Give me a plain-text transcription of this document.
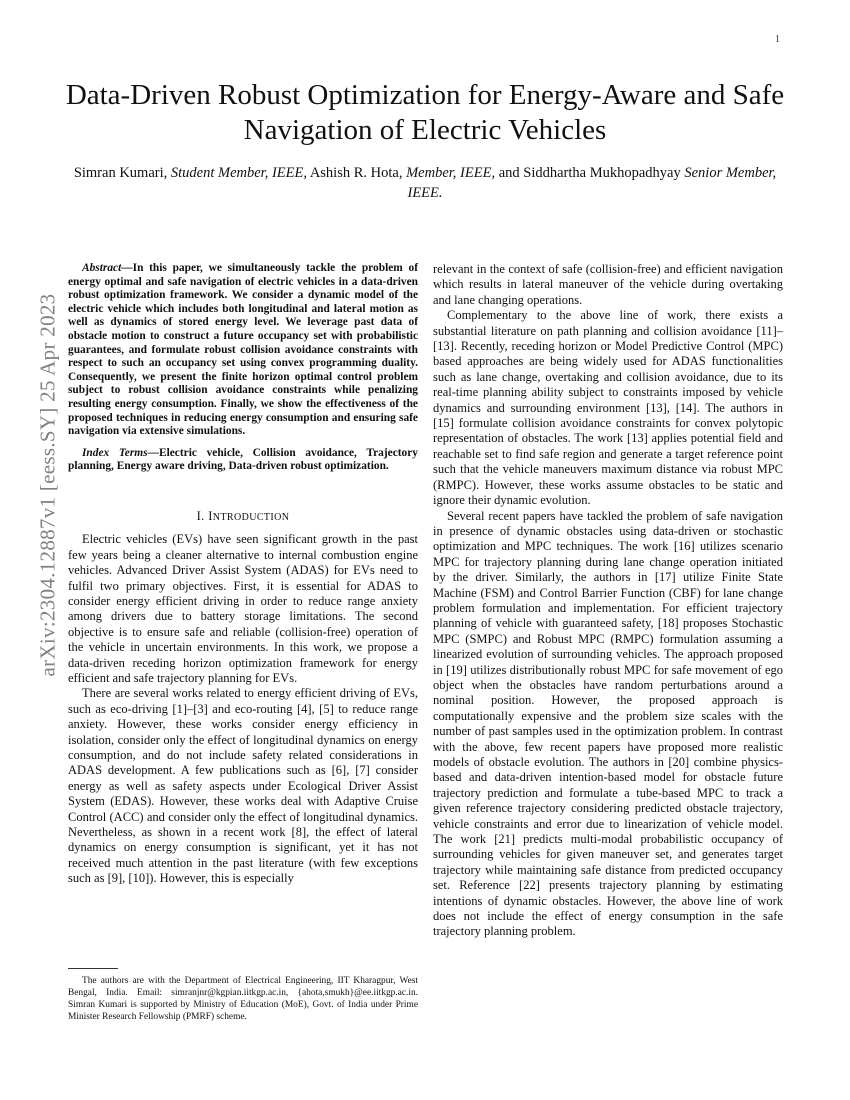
1
arXiv:2304.12887v1 [eess.SY] 25 Apr 2023
Data-Driven Robust Optimization for Energy-Aware and Safe Navigation of Electric Vehicles
Simran Kumari, Student Member, IEEE, Ashish R. Hota, Member, IEEE, and Siddhartha Mukhopadhyay Senior Member, IEEE.

Abstract—In this paper, we simultaneously tackle the problem of energy optimal and safe navigation of electric vehicles in a data-driven robust optimization framework. We consider a dynamic model of the electric vehicle which includes both longitudinal and lateral motion as well as dynamics of stored energy level. We leverage past data of obstacle motion to construct a future occupancy set with probabilistic guarantees, and formulate robust collision avoidance constraints with respect to such an occupancy set using convex programming duality. Consequently, we present the finite horizon optimal control problem subject to robust collision avoidance constraints while penalizing resulting energy consumption. Finally, we show the effectiveness of the proposed techniques in reducing energy consumption and ensuring safe navigation via extensive simulations.

Index Terms—Electric vehicle, Collision avoidance, Trajectory planning, Energy aware driving, Data-driven robust optimization.

I. INTRODUCTION

Electric vehicles (EVs) have seen significant growth in the past few years being a cleaner alternative to internal combustion engine vehicles. Advanced Driver Assist System (ADAS) for EVs need to fulfil two primary objectives. First, it is essential for ADAS to consider energy efficient driving in order to reduce range anxiety among drivers due to battery storage limitations. The second objective is to ensure safe and reliable (collision-free) operation of the vehicle in uncertain environments. In this work, we propose a data-driven receding horizon optimization framework for energy efficient and safe trajectory planning for EVs.

There are several works related to energy efficient driving of EVs, such as eco-driving [1]–[3] and eco-routing [4], [5] to reduce range anxiety. However, these works consider energy efficiency in isolation, consider only the effect of longitudinal dynamics on energy consumption, and do not include safety related considerations in ADAS development. A few publications such as [6], [7] consider energy as well as safety aspects under Ecological Driver Assist System (EDAS). However, these works deal with Adaptive Cruise Control (ACC) and consider only the effect of longitudinal dynamics. Nevertheless, as shown in a recent work [8], the effect of lateral dynamics on energy consumption is significant, yet it has not received much attention in the past literature (with few exceptions such as [9], [10]). However, this is especially

relevant in the context of safe (collision-free) and efficient navigation which results in lateral maneuver of the vehicle during overtaking and lane changing operations.

Complementary to the above line of work, there exists a substantial literature on path planning and collision avoidance [11]–[13]. Recently, receding horizon or Model Predictive Control (MPC) based approaches are being widely used for ADAS functionalities such as lane change, overtaking and collision avoidance, due to its real-time planning ability subject to constraints imposed by vehicle dynamics and surrounding environment [13], [14]. The authors in [15] formulate collision avoidance constraints for convex polytopic representation of obstacles. The work [13] applies potential field and reachable set to find safe region and generate a target reference point such that the vehicle maneuvers maximum distance via robust MPC (RMPC). However, these works assume obstacles to be static and ignore their dynamic evolution.

Several recent papers have tackled the problem of safe navigation in presence of dynamic obstacles using data-driven or stochastic optimization and MPC techniques. The work [16] utilizes scenario MPC for trajectory planning during lane change operation initiated by the driver. Similarly, the authors in [17] utilize Finite State Machine (FSM) and Control Barrier Function (CBF) for lane change problem formulation and implementation. For efficient trajectory planning of vehicle with guaranteed safety, [18] proposes Stochastic MPC (SMPC) and Robust MPC (RMPC) formulation assuming a linearized evolution of surrounding vehicles. The approach proposed in [19] utilizes distributionally robust MPC for safe movement of ego object when the obstacles have random perturbations around a nominal position. However, the proposed approach is computationally expensive and the problem size scales with the number of past samples used in the optimization problem. In contrast with the above, few recent papers have proposed more realistic models of obstacle evolution. The authors in [20] combine physics-based and data-driven intention-based model for obstacle future trajectory prediction and formulate a tube-based MPC to track a given reference trajectory considering predicted obstacle trajectory, vehicle constraints and error due to linearization of vehicle model. The work [21] predicts multi-modal probabilistic occupancy of surrounding vehicles for given maneuver set, and generates target trajectory while maintaining safe distance from predicted occupancy set. Reference [22] presents trajectory planning by estimating intentions of dynamic obstacles. However, the above line of work does not include the effect of energy consumption in the safe trajectory planning problem.

The authors are with the Department of Electrical Engineering, IIT Kharagpur, West Bengal, India. Email: simranjnr@kgpian.iitkgp.ac.in, {ahota,smukh}@ee.iitkgp.ac.in. Simran Kumari is supported by Ministry of Education (MoE), Govt. of India under Prime Minister Research Fellowship (PMRF) scheme.
